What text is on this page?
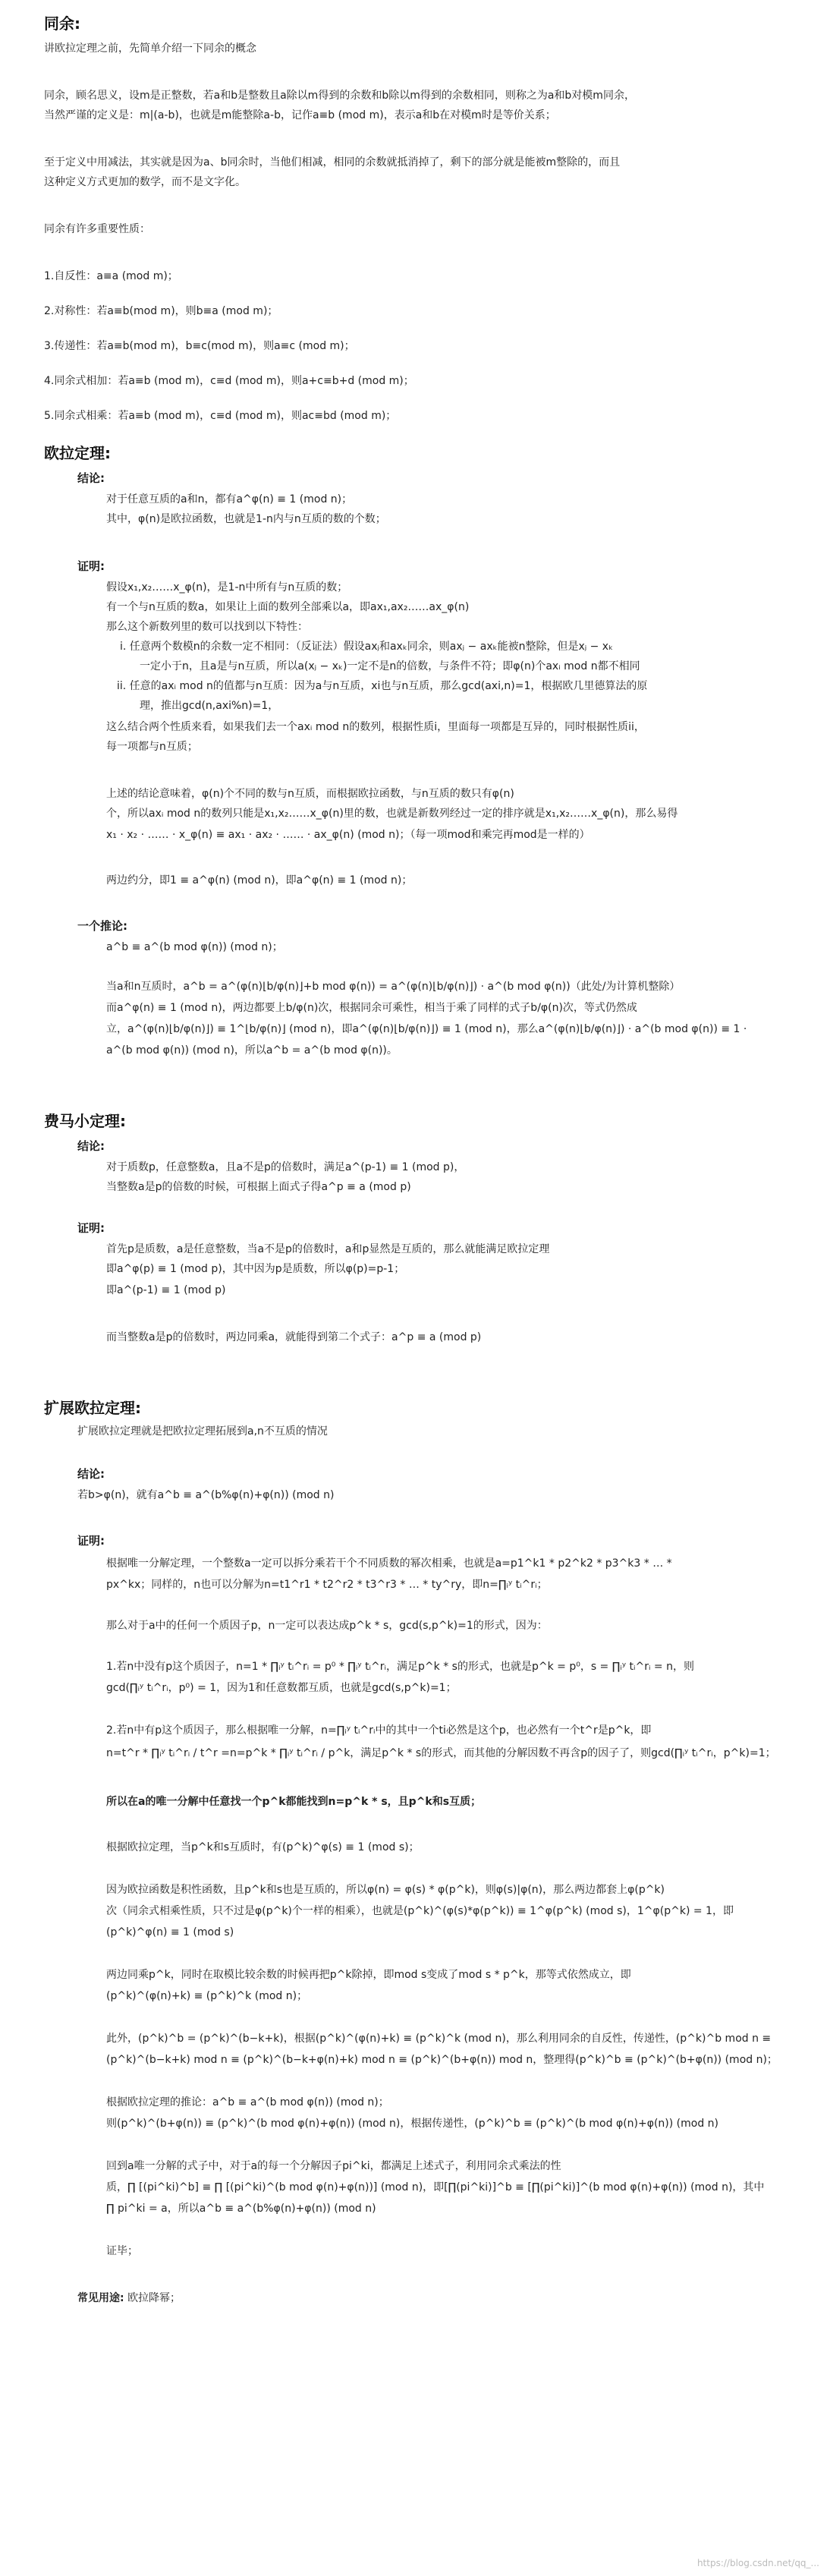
同余:
讲欧拉定理之前，先简单介绍一下同余的概念
同余，顾名思义，设m是正整数，若a和b是整数且a除以m得到的余数和b除以m得到的余数相同，则称之为a和b对模m同余，
当然严谨的定义是：m|(a-b)，也就是m能整除a-b，记作a≡b (mod m)，表示a和b在对模m时是等价关系；
至于定义中用减法，其实就是因为a、b同余时，当他们相减，相同的余数就抵消掉了，剩下的部分就是能被m整除的，而且
这种定义方式更加的数学，而不是文字化。
同余有许多重要性质：
1.自反性：a≡a (mod m)；
2.对称性：若a≡b(mod m)，则b≡a (mod m)；
3.传递性：若a≡b(mod m)，b≡c(mod m)，则a≡c (mod m)；
4.同余式相加：若a≡b (mod m)，c≡d (mod m)，则a+c≡b+d (mod m)；
5.同余式相乘：若a≡b (mod m)，c≡d (mod m)，则ac≡bd (mod m)；
欧拉定理:
结论:
对于任意互质的a和n，都有a^φ(n) ≡ 1 (mod n)；
其中，φ(n)是欧拉函数，也就是1-n内与n互质的数的个数；
证明:
假设x₁,x₂……x_φ(n)，是1-n中所有与n互质的数；
有一个与n互质的数a，如果让上面的数列全部乘以a，即ax₁,ax₂……ax_φ(n)
那么这个新数列里的数可以找到以下特性：
i. 任意两个数模n的余数一定不相同：（反证法）假设axⱼ和axₖ同余，则axⱼ − axₖ能被n整除，但是xⱼ − xₖ
一定小于n，且a是与n互质，所以a(xⱼ − xₖ)一定不是n的倍数，与条件不符；即φ(n)个axᵢ mod n都不相同
ii. 任意的axᵢ mod n的值都与n互质：因为a与n互质，xi也与n互质，那么gcd(axi,n)=1，根据欧几里德算法的原
理，推出gcd(n,axi%n)=1，
这么结合两个性质来看，如果我们去一个axᵢ mod n的数列，根据性质i，里面每一项都是互异的，同时根据性质ii，
每一项都与n互质；
上述的结论意味着，φ(n)个不同的数与n互质，而根据欧拉函数，与n互质的数只有φ(n)
个，所以axᵢ mod n的数列只能是x₁,x₂……x_φ(n)里的数，也就是新数列经过一定的排序就是x₁,x₂……x_φ(n)，那么易得
x₁ · x₂ · …… · x_φ(n) ≡ ax₁ · ax₂ · …… · ax_φ(n) (mod n)；（每一项mod和乘完再mod是一样的）
两边约分，即1 ≡ a^φ(n) (mod n)，即a^φ(n) ≡ 1 (mod n)；
一个推论:
a^b ≡ a^(b mod φ(n)) (mod n)；
当a和n互质时，a^b = a^(φ(n)⌊b/φ(n)⌋+b mod φ(n)) = a^(φ(n)⌊b/φ(n)⌋) · a^(b mod φ(n))（此处/为计算机整除）
而a^φ(n) ≡ 1 (mod n)，两边都要上b/φ(n)次，根据同余可乘性，相当于乘了同样的式子b/φ(n)次，等式仍然成
立，a^(φ(n)⌊b/φ(n)⌋) ≡ 1^⌊b/φ(n)⌋ (mod n)，即a^(φ(n)⌊b/φ(n)⌋) ≡ 1 (mod n)，那么a^(φ(n)⌊b/φ(n)⌋) · a^(b mod φ(n)) ≡ 1 ·
a^(b mod φ(n)) (mod n)，所以a^b = a^(b mod φ(n))。
费马小定理:
结论:
对于质数p，任意整数a，且a不是p的倍数时，满足a^(p-1) ≡ 1 (mod p)，
当整数a是p的倍数的时候，可根据上面式子得a^p ≡ a (mod p)
证明:
首先p是质数，a是任意整数，当a不是p的倍数时，a和p显然是互质的，那么就能满足欧拉定理
即a^φ(p) ≡ 1 (mod p)，其中因为p是质数，所以φ(p)=p-1；
即a^(p-1) ≡ 1 (mod p)
而当整数a是p的倍数时，两边同乘a，就能得到第二个式子：a^p ≡ a (mod p)
扩展欧拉定理:
扩展欧拉定理就是把欧拉定理拓展到a,n不互质的情况
结论:
若b>φ(n)，就有a^b ≡ a^(b%φ(n)+φ(n)) (mod n)
证明:
根据唯一分解定理，一个整数a一定可以拆分乘若干个不同质数的幂次相乘，也就是a=p1^k1 * p2^k2 * p3^k3 * … *
px^kx；同样的，n也可以分解为n=t1^r1 * t2^r2 * t3^r3 * … * ty^ry，即n=∏ᵢʸ tᵢ^rᵢ；
那么对于a中的任何一个质因子p，n一定可以表达成p^k * s，gcd(s,p^k)=1的形式，因为：
1.若n中没有p这个质因子，n=1 * ∏ᵢʸ tᵢ^rᵢ = p⁰ * ∏ᵢʸ tᵢ^rᵢ，满足p^k * s的形式，也就是p^k = p⁰，s = ∏ᵢʸ tᵢ^rᵢ = n，则
gcd(∏ᵢʸ tᵢ^rᵢ，p⁰) = 1，因为1和任意数都互质，也就是gcd(s,p^k)=1；
2.若n中有p这个质因子，那么根据唯一分解，n=∏ᵢʸ tᵢ^rᵢ中的其中一个ti必然是这个p，也必然有一个t^r是p^k，即
n=t^r * ∏ᵢʸ tᵢ^rᵢ / t^r =n=p^k * ∏ᵢʸ tᵢ^rᵢ / p^k，满足p^k * s的形式，而其他的分解因数不再含p的因子了，则gcd(∏ᵢʸ tᵢ^rᵢ，p^k)=1；
所以在a的唯一分解中任意找一个p^k都能找到n=p^k * s，且p^k和s互质；
根据欧拉定理，当p^k和s互质时，有(p^k)^φ(s) ≡ 1 (mod s)；
因为欧拉函数是积性函数，且p^k和s也是互质的，所以φ(n) = φ(s) * φ(p^k)，则φ(s)|φ(n)，那么两边都套上φ(p^k)
次（同余式相乘性质，只不过是φ(p^k)个一样的相乘），也就是(p^k)^(φ(s)*φ(p^k)) ≡ 1^φ(p^k) (mod s)，1^φ(p^k) = 1，即
(p^k)^φ(n) ≡ 1 (mod s)
两边同乘p^k，同时在取模比较余数的时候再把p^k除掉，即mod s变成了mod s * p^k，那等式依然成立，即
(p^k)^(φ(n)+k) ≡ (p^k)^k (mod n)；
此外，(p^k)^b = (p^k)^(b−k+k)，根据(p^k)^(φ(n)+k) ≡ (p^k)^k (mod n)，那么利用同余的自反性，传递性，(p^k)^b mod n ≡
(p^k)^(b−k+k) mod n ≡ (p^k)^(b−k+φ(n)+k) mod n ≡ (p^k)^(b+φ(n)) mod n，整理得(p^k)^b ≡ (p^k)^(b+φ(n)) (mod n)；
根据欧拉定理的推论：a^b ≡ a^(b mod φ(n)) (mod n)；
则(p^k)^(b+φ(n)) ≡ (p^k)^(b mod φ(n)+φ(n)) (mod n)，根据传递性，(p^k)^b ≡ (p^k)^(b mod φ(n)+φ(n)) (mod n)
回到a唯一分解的式子中，对于a的每一个分解因子pi^ki，都满足上述式子，利用同余式乘法的性
质，∏ [(pi^ki)^b] ≡ ∏ [(pi^ki)^(b mod φ(n)+φ(n))] (mod n)，即[∏(pi^ki)]^b ≡ [∏(pi^ki)]^(b mod φ(n)+φ(n)) (mod n)，其中
∏ pi^ki = a，所以a^b ≡ a^(b%φ(n)+φ(n)) (mod n)
证毕；
常见用途: 欧拉降幂；
https://blog.csdn.net/qq_...
